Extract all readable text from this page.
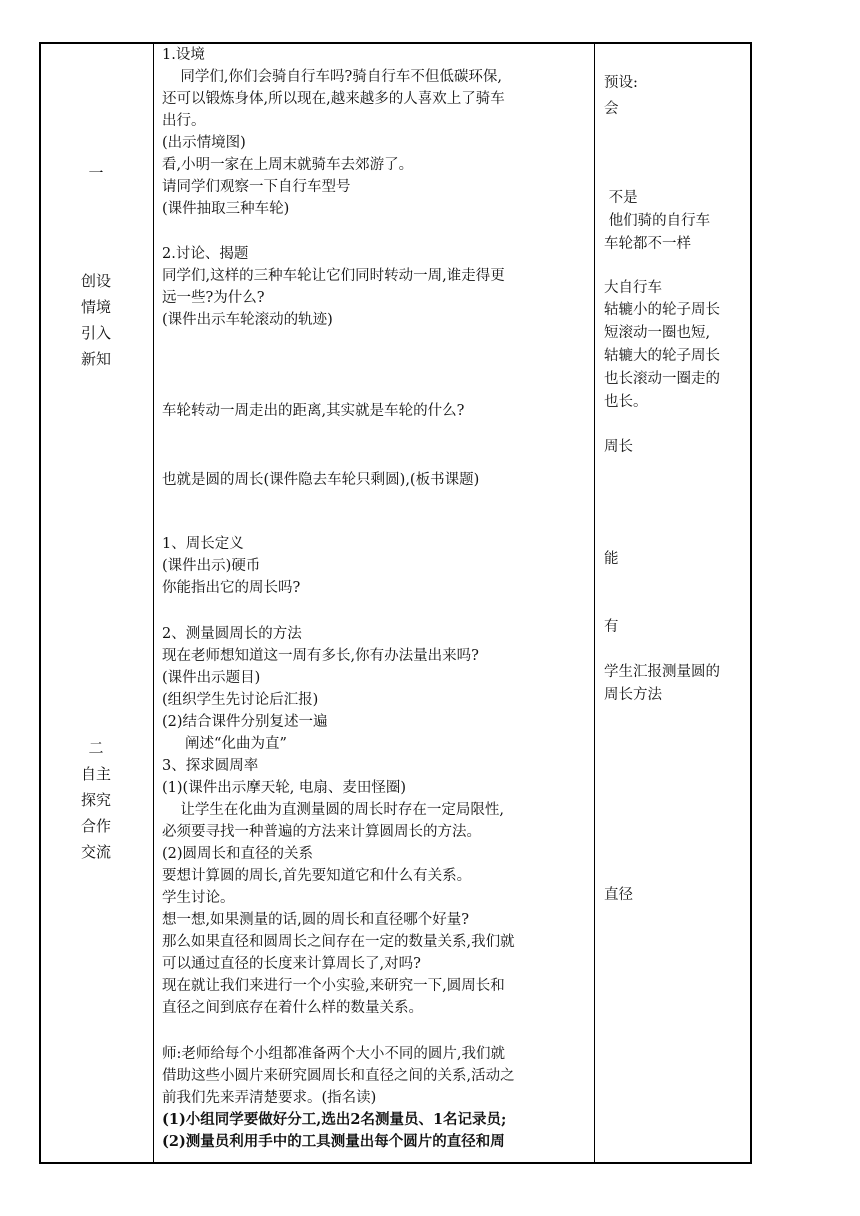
一
创设
情境
引入
新知
二
自主
探究
合作
交流
1.设境
同学们,你们会骑自行车吗?骑自行车不但低碳环保,
还可以锻炼身体,所以现在,越来越多的人喜欢上了骑车
出行。
(出示情境图)
看,小明一家在上周末就骑车去郊游了。
请同学们观察一下自行车型号
(课件抽取三种车轮)
2.讨论、揭题
同学们,这样的三种车轮让它们同时转动一周,谁走得更
远一些?为什么?
(课件出示车轮滚动的轨迹)
车轮转动一周走出的距离,其实就是车轮的什么?
也就是圆的周长(课件隐去车轮只剩圆),(板书课题)
1、周长定义
(课件出示)硬币
你能指出它的周长吗?
2、测量圆周长的方法
现在老师想知道这一周有多长,你有办法量出来吗?
(课件出示题目)
(组织学生先讨论后汇报)
(2)结合课件分别复述一遍
阐述“化曲为直”
3、探求圆周率
(1)(课件出示摩天轮, 电扇、麦田怪圈)
让学生在化曲为直测量圆的周长时存在一定局限性,
必须要寻找一种普遍的方法来计算圆周长的方法。
(2)圆周长和直径的关系
要想计算圆的周长,首先要知道它和什么有关系。
学生讨论。
想一想,如果测量的话,圆的周长和直径哪个好量?
那么如果直径和圆周长之间存在一定的数量关系,我们就
可以通过直径的长度来计算周长了,对吗?
现在就让我们来进行一个小实验,来研究一下,圆周长和
直径之间到底存在着什么样的数量关系。
师:老师给每个小组都准备两个大小不同的圆片,我们就
借助这些小圆片来研究圆周长和直径之间的关系,活动之
前我们先来弄清楚要求。(指名读)
(1)小组同学要做好分工,选出2名测量员、1名记录员;
(2)测量员利用手中的工具测量出每个圆片的直径和周
预设:
会
不是
他们骑的自行车
车轮都不一样
大自行车
轱辘小的轮子周长
短滚动一圈也短,
轱辘大的轮子周长
也长滚动一圈走的
也长。
周长
能
有
学生汇报测量圆的
周长方法
直径
